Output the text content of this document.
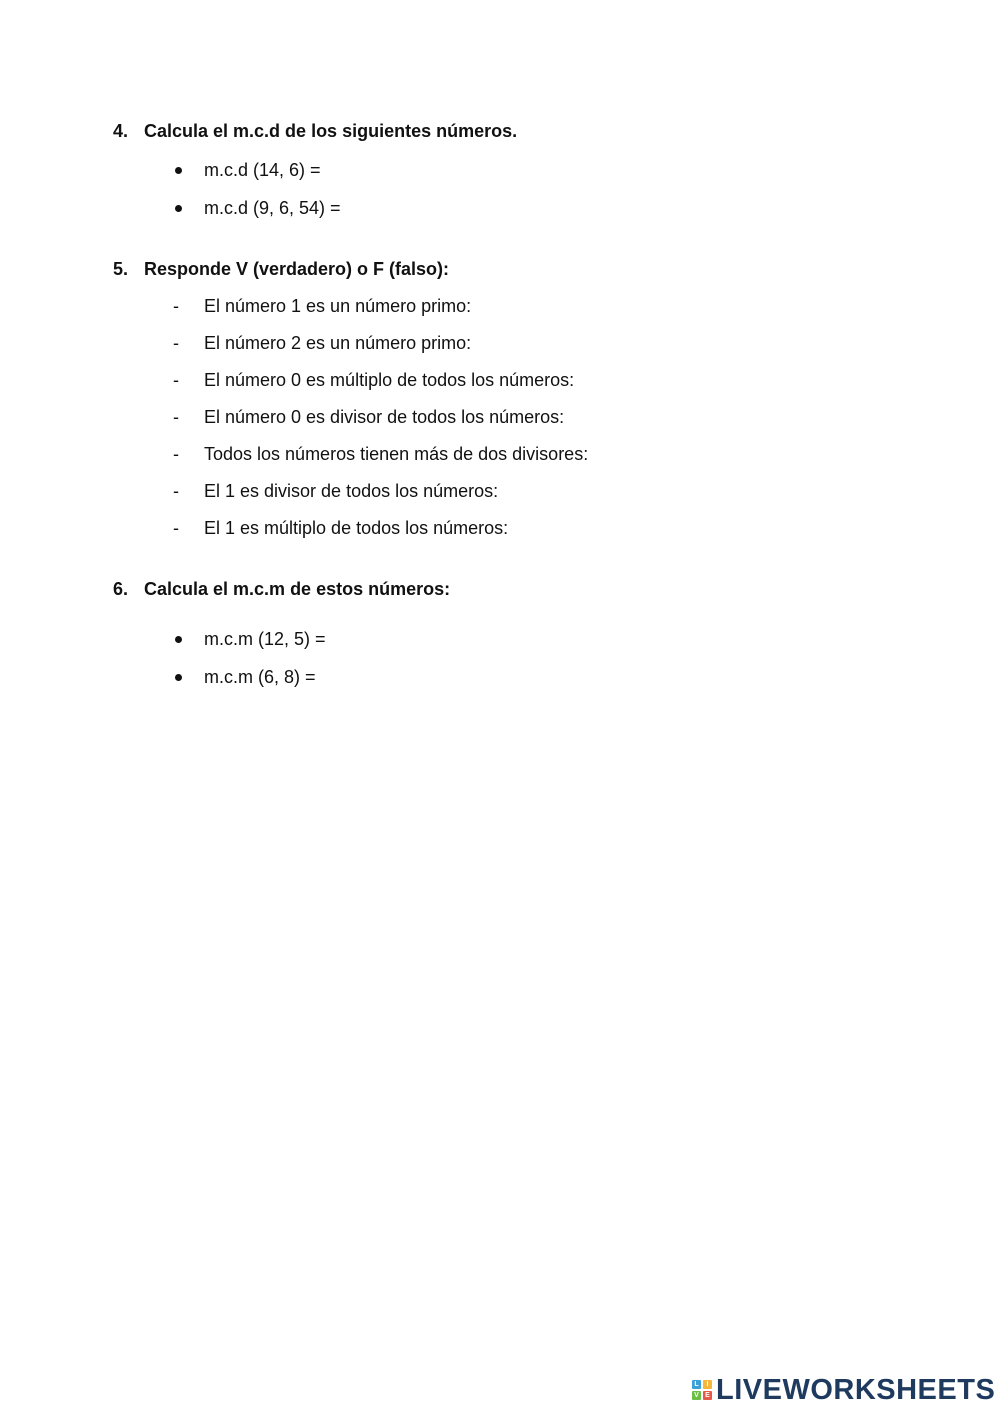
4. Calcula el m.c.d de los siguientes números.
m.c.d (14, 6) =
m.c.d (9, 6, 54) =
5. Responde V (verdadero) o F (falso):
- El número 1 es un número primo:
- El número 2 es un número primo:
- El número 0 es múltiplo de todos los números:
- El número 0 es divisor de todos los números:
- Todos los números tienen más de dos divisores:
- El 1 es divisor de todos los números:
- El 1 es múltiplo de todos los números:
6. Calcula el m.c.m de estos números:
m.c.m (12, 5) =
m.c.m (6, 8) =
L	I
V E LIVEWORKSHEETS
